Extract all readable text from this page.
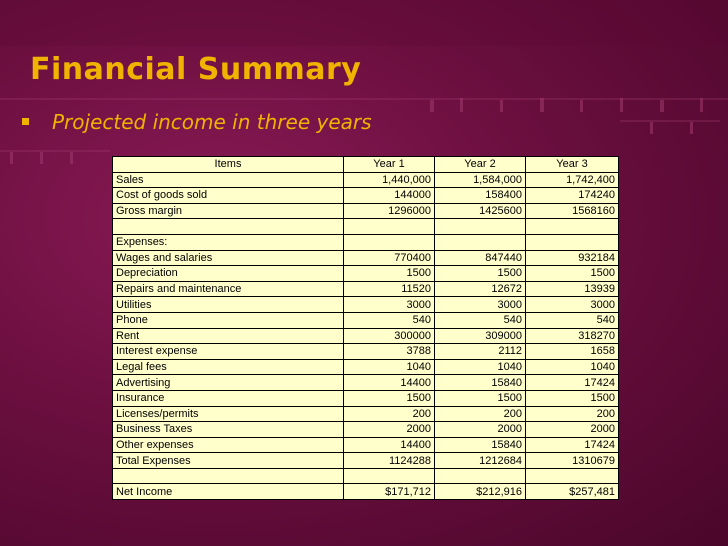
Financial Summary
Projected income in three years
Items	Year 1	Year 2	Year 3
Sales	1,440,000	1,584,000	1,742,400
Cost of goods sold	144000	158400	174240
Gross margin	1296000	1425600	1568160

Expenses:			
Wages and salaries	770400	847440	932184
Depreciation	1500	1500	1500
Repairs and maintenance	11520	12672	13939
Utilities	3000	3000	3000
Phone	540	540	540
Rent	300000	309000	318270
Interest expense	3788	2112	1658
Legal fees	1040	1040	1040
Advertising	14400	15840	17424
Insurance	1500	1500	1500
Licenses/permits	200	200	200
Business Taxes	2000	2000	2000
Other expenses	14400	15840	17424
Total Expenses	1124288	1212684	1310679

Net Income	$171,712	$212,916	$257,481
